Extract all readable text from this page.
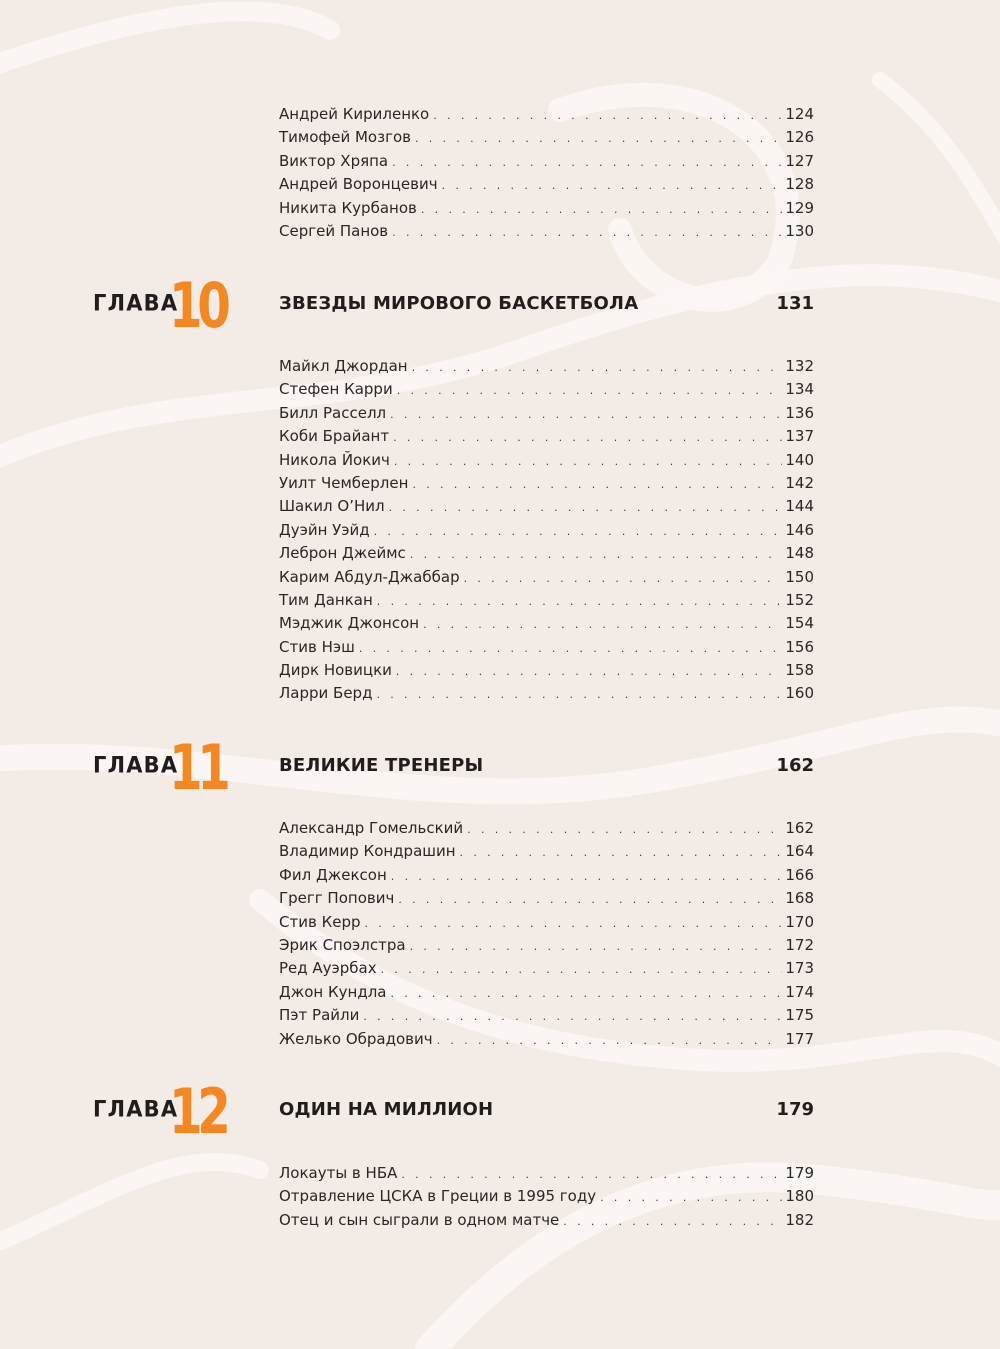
Андрей Кириленко . . .	124
Тимофей Мозгов . . .	126
Виктор Хряпа . . .	127
Андрей Воронцевич . . .	128
Никита Курбанов . . .	129
Сергей Панов . . .	130
ГЛАВА
10	ЗВЕЗДЫ МИРОВОГО БАСКЕТБОЛА	131
Майкл Джордан . . .	132
Стефен Карри . . .	134
Билл Расселл . . .	136
Коби Брайант . . .	137
Никола Йокич . . .	140
Уилт Чемберлен . . .	142
Шакил О’Нил . . .	144
Дуэйн Уэйд . . .	146
Леброн Джеймс . . .	148
Карим Абдул-Джаббар . . .	150
Тим Данкан . . .	152
Мэджик Джонсон . . .	154
Стив Нэш . . .	156
Дирк Новицки . . .	158
Ларри Берд . . .	160
ГЛАВА
11	ВЕЛИКИЕ ТРЕНЕРЫ	162
Александр Гомельский . . .	162
Владимир Кондрашин . . .	164
Фил Джексон . . .	166
Грегг Попович . . .	168
Стив Керр . . .	170
Эрик Споэлстра . . .	172
Ред Ауэрбах . . .	173
Джон Кундла . . .	174
Пэт Райли . . .	175
Желько Обрадович . . .	177
ГЛАВА
12	ОДИН НА МИЛЛИОН	179
Локауты в НБА . . .	179
Отравление ЦСКА в Греции в 1995 году . . .	180
Отец и сын сыграли в одном матче . . .	182
